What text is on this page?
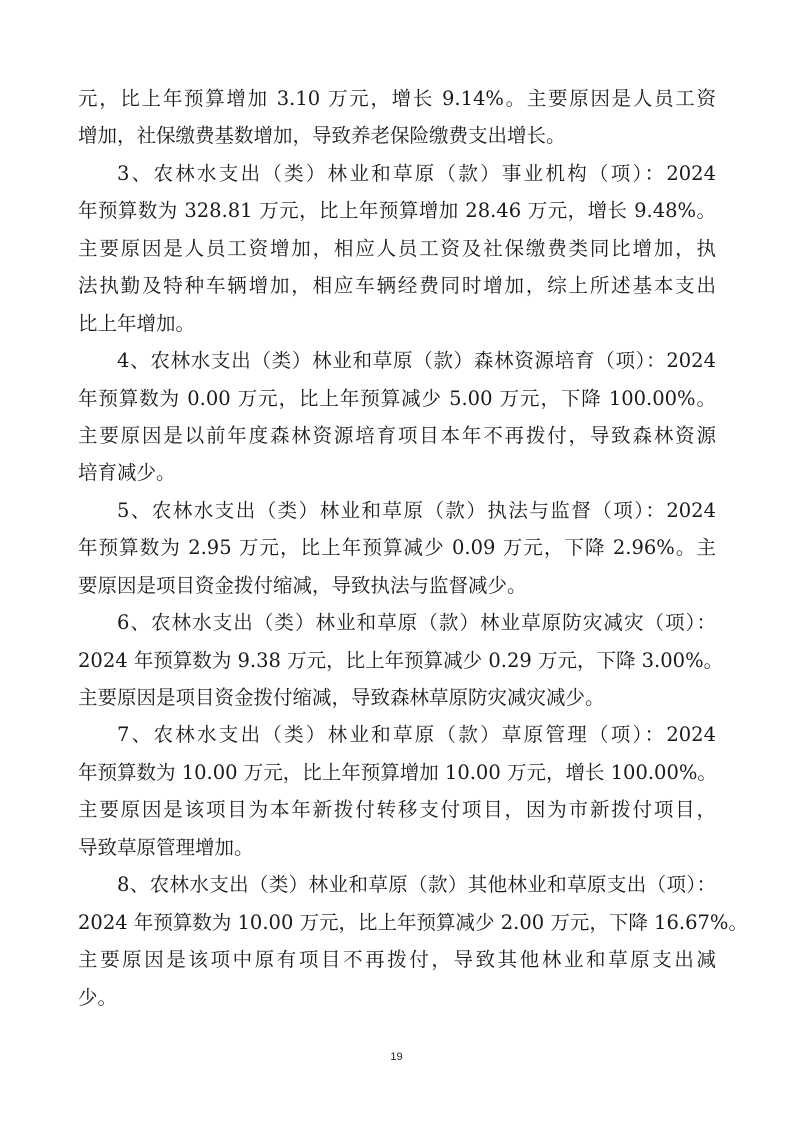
元，比上年预算增加 3.10 万元，增长 9.14%。主要原因是人员工资
增加，社保缴费基数增加，导致养老保险缴费支出增长。
3、农林水支出（类）林业和草原（款）事业机构（项）：2024
年预算数为 328.81 万元，比上年预算增加 28.46 万元，增长 9.48%。
主要原因是人员工资增加，相应人员工资及社保缴费类同比增加，执
法执勤及特种车辆增加，相应车辆经费同时增加，综上所述基本支出
比上年增加。
4、农林水支出（类）林业和草原（款）森林资源培育（项）：2024
年预算数为 0.00 万元，比上年预算减少 5.00 万元，下降 100.00%。
主要原因是以前年度森林资源培育项目本年不再拨付，导致森林资源
培育减少。
5、农林水支出（类）林业和草原（款）执法与监督（项）：2024
年预算数为 2.95 万元，比上年预算减少 0.09 万元，下降 2.96%。主
要原因是项目资金拨付缩减，导致执法与监督减少。
6、农林水支出（类）林业和草原（款）林业草原防灾减灾（项）：
2024 年预算数为 9.38 万元，比上年预算减少 0.29 万元，下降 3.00%。
主要原因是项目资金拨付缩减，导致森林草原防灾减灾减少。
7、农林水支出（类）林业和草原（款）草原管理（项）：2024
年预算数为 10.00 万元，比上年预算增加 10.00 万元，增长 100.00%。
主要原因是该项目为本年新拨付转移支付项目，因为市新拨付项目，
导致草原管理增加。
8、农林水支出（类）林业和草原（款）其他林业和草原支出（项）：
2024 年预算数为 10.00 万元，比上年预算减少 2.00 万元，下降 16.67%。
主要原因是该项中原有项目不再拨付，导致其他林业和草原支出减
少。
19
